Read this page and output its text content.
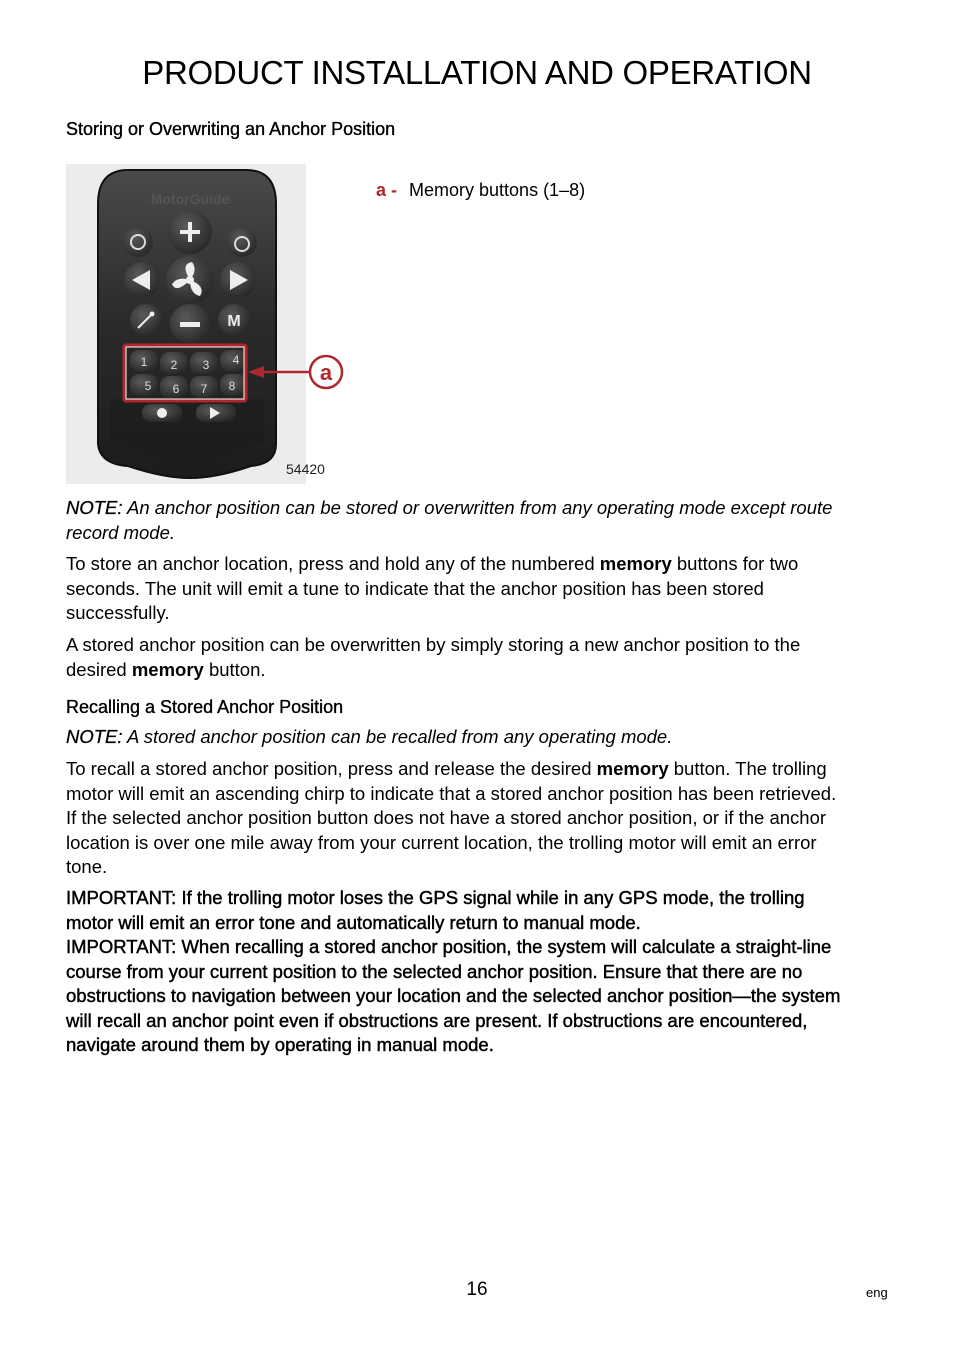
PRODUCT INSTALLATION AND OPERATION
Storing or Overwriting an Anchor Position
MotorGuide
M
1 2 3 4
5 6 7 8
a
54420
a - Memory buttons (1–8)

NOTE: An anchor position can be stored or overwritten from any operating mode except route record mode.

To store an anchor location, press and hold any of the numbered memory buttons for two seconds. The unit will emit a tune to indicate that the anchor position has been stored successfully.

A stored anchor position can be overwritten by simply storing a new anchor position to the desired memory button.

Recalling a Stored Anchor Position

NOTE: A stored anchor position can be recalled from any operating mode.

To recall a stored anchor position, press and release the desired memory button. The trolling motor will emit an ascending chirp to indicate that a stored anchor position has been retrieved. If the selected anchor position button does not have a stored anchor position, or if the anchor location is over one mile away from your current location, the trolling motor will emit an error tone.

IMPORTANT: If the trolling motor loses the GPS signal while in any GPS mode, the trolling motor will emit an error tone and automatically return to manual mode.

IMPORTANT: When recalling a stored anchor position, the system will calculate a straight-line course from your current position to the selected anchor position. Ensure that there are no obstructions to navigation between your location and the selected anchor position—the system will recall an anchor point even if obstructions are present. If obstructions are encountered, navigate around them by operating in manual mode.

16	eng
